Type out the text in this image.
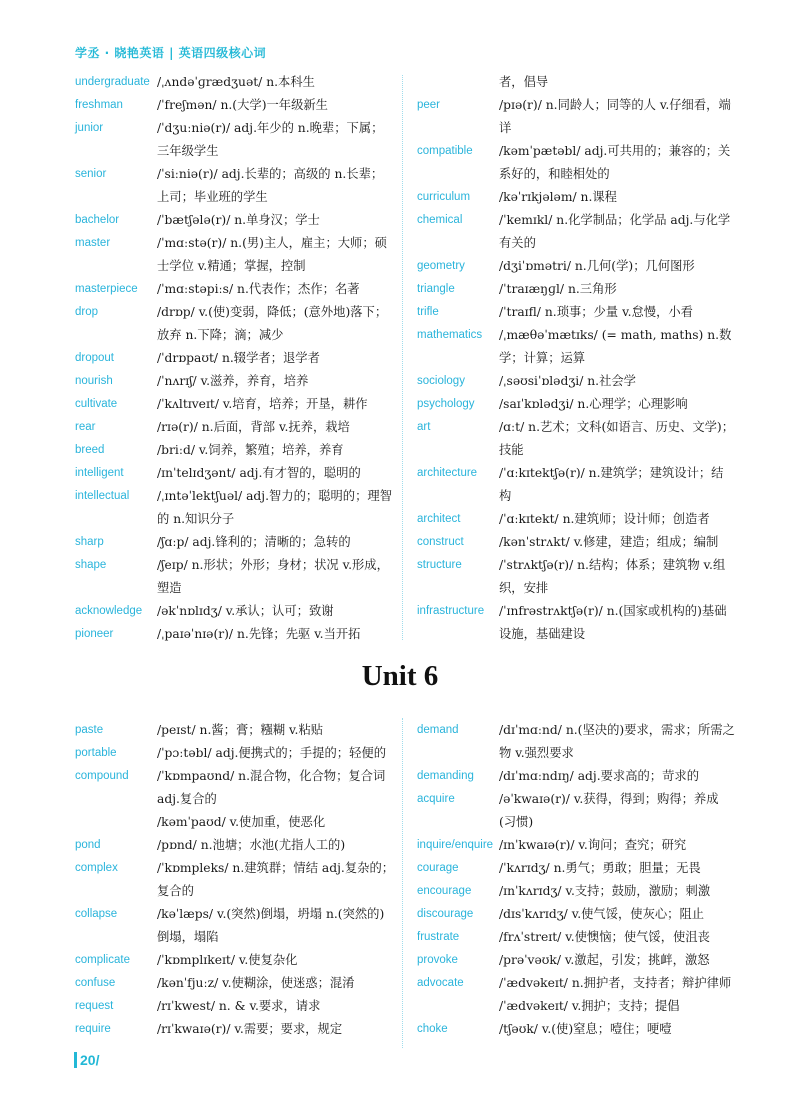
学丞 · 晓艳英语 | 英语四级核心词
undergraduate /ˌʌndəˈɡrædʒuət/ n.本科生
freshman	/ˈfreʃmən/ n.(大学)一年级新生
junior	/ˈdʒuːniə(r)/ adj.年少的 n.晚辈；下属；三年级学生
senior	/ˈsiːniə(r)/ adj.长辈的；高级的 n.长辈；上司；毕业班的学生
bachelor	/ˈbætʃələ(r)/ n.单身汉；学士
master	/ˈmɑːstə(r)/ n.(男)主人，雇主；大师；硕士学位 v.精通；掌握，控制
masterpiece	/ˈmɑːstəpiːs/ n.代表作；杰作；名著
drop	/drɒp/ v.(使)变弱，降低；(意外地)落下；放弃 n.下降；滴；减少
dropout	/ˈdrɒpaʊt/ n.辍学者；退学者
nourish	/ˈnʌrɪʃ/ v.滋养，养育，培养
cultivate	/ˈkʌltɪveɪt/ v.培育，培养；开垦，耕作
rear	/rɪə(r)/ n.后面，背部 v.抚养，栽培
breed	/briːd/ v.饲养，繁殖；培养，养育
intelligent	/ɪnˈtelɪdʒənt/ adj.有才智的，聪明的
intellectual	/ˌɪntəˈlektʃuəl/ adj.智力的；聪明的；理智的 n.知识分子
sharp	/ʃɑːp/ adj.锋利的；清晰的；急转的
shape	/ʃeɪp/ n.形状；外形；身材；状况 v.形成，塑造
acknowledge	/əkˈnɒlɪdʒ/ v.承认；认可；致谢
pioneer	/ˌpaɪəˈnɪə(r)/ n.先锋；先驱 v.当开拓
者，倡导
peer	/pɪə(r)/ n.同龄人；同等的人 v.仔细看，端详
compatible	/kəmˈpætəbl/ adj.可共用的；兼容的；关系好的，和睦相处的
curriculum	/kəˈrɪkjələm/ n.课程
chemical	/ˈkemɪkl/ n.化学制品；化学品 adj.与化学有关的
geometry	/dʒiˈɒmətri/ n.几何(学)；几何图形
triangle	/ˈtraɪæŋɡl/ n.三角形
trifle	/ˈtraɪfl/ n.琐事；少量 v.怠慢，小看
mathematics	/ˌmæθəˈmætɪks/ (= math, maths) n.数学；计算；运算
sociology	/ˌsəʊsiˈɒlədʒi/ n.社会学
psychology	/saɪˈkɒlədʒi/ n.心理学；心理影响
art	/ɑːt/ n.艺术；文科(如语言、历史、文学)；技能
architecture	/ˈɑːkɪtektʃə(r)/ n.建筑学；建筑设计；结构
architect	/ˈɑːkɪtekt/ n.建筑师；设计师；创造者
construct	/kənˈstrʌkt/ v.修建，建造；组成；编制
structure	/ˈstrʌktʃə(r)/ n.结构；体系；建筑物 v.组织，安排
infrastructure	/ˈɪnfrəstrʌktʃə(r)/ n.(国家或机构的)基础设施，基础建设
Unit 6
paste	/peɪst/ n.酱；膏；糨糊 v.粘贴
portable	/ˈpɔːtəbl/ adj.便携式的；手提的；轻便的
compound	/ˈkɒmpaʊnd/ n.混合物，化合物；复合词 adj.复合的
/kəmˈpaʊd/ v.使加重，使恶化
pond	/pɒnd/ n.池塘；水池(尤指人工的)
complex	/ˈkɒmpleks/ n.建筑群；情结 adj.复杂的；复合的
collapse	/kəˈlæps/ v.(突然)倒塌，坍塌 n.(突然的)倒塌，塌陷
complicate	/ˈkɒmplɪkeɪt/ v.使复杂化
confuse	/kənˈfjuːz/ v.使糊涂，使迷惑；混淆
request	/rɪˈkwest/ n. & v.要求，请求
require	/rɪˈkwaɪə(r)/ v.需要；要求，规定
demand	/dɪˈmɑːnd/ n.(坚决的)要求，需求；所需之物 v.强烈要求
demanding	/dɪˈmɑːndɪŋ/ adj.要求高的；苛求的
acquire	/əˈkwaɪə(r)/ v.获得，得到；购得；养成(习惯)
inquire/enquire /ɪnˈkwaɪə(r)/ v.询问；查究；研究
courage	/ˈkʌrɪdʒ/ n.勇气；勇敢；胆量；无畏
encourage	/ɪnˈkʌrɪdʒ/ v.支持；鼓励，激励；刺激
discourage	/dɪsˈkʌrɪdʒ/ v.使气馁，使灰心；阻止
frustrate	/frʌˈstreɪt/ v.使懊恼；使气馁，使沮丧
provoke	/prəˈvəʊk/ v.激起，引发；挑衅，激怒
advocate	/ˈædvəkeɪt/ n.拥护者，支持者；辩护律师
/ˈædvəkeɪt/ v.拥护；支持；提倡
choke	/tʃəʊk/ v.(使)窒息；噎住；哽噎
20/
